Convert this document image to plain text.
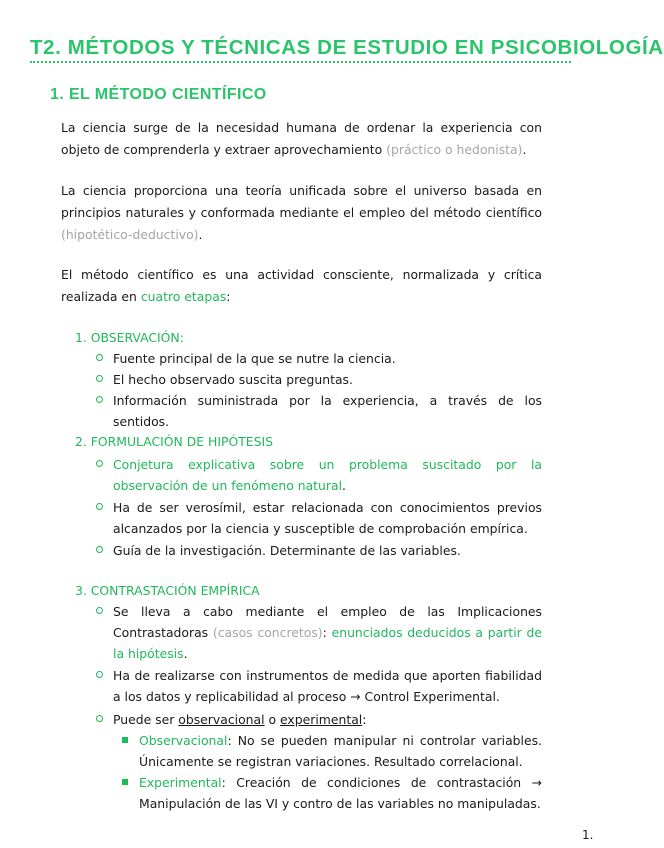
T2. MÉTODOS Y TÉCNICAS DE ESTUDIO EN PSICOBIOLOGÍA
1. EL MÉTODO CIENTÍFICO
La ciencia surge de la necesidad humana de ordenar la experiencia con objeto de comprenderla y extraer aprovechamiento (práctico o hedonista).
La ciencia proporciona una teoría unificada sobre el universo basada en principios naturales y conformada mediante el empleo del método científico (hipotético-deductivo).
El método científico es una actividad consciente, normalizada y crítica realizada en cuatro etapas:
1. OBSERVACIÓN:
Fuente principal de la que se nutre la ciencia.
El hecho observado suscita preguntas.
Información suministrada por la experiencia, a través de los sentidos.
2. FORMULACIÓN DE HIPÓTESIS
Conjetura explicativa sobre un problema suscitado por la observación de un fenómeno natural.
Ha de ser verosímil, estar relacionada con conocimientos previos alcanzados por la ciencia y susceptible de comprobación empírica.
Guía de la investigación. Determinante de las variables.
3. CONTRASTACIÓN EMPÍRICA
Se lleva a cabo mediante el empleo de las Implicaciones Contrastadoras (casos concretos): enunciados deducidos a partir de la hipótesis.
Ha de realizarse con instrumentos de medida que aporten fiabilidad a los datos y replicabilidad al proceso → Control Experimental.
Puede ser observacional o experimental:
Observacional: No se pueden manipular ni controlar variables. Únicamente se registran variaciones. Resultado correlacional.
Experimental: Creación de condiciones de contrastación → Manipulación de las VI y contro de las variables no manipuladas.
1.
